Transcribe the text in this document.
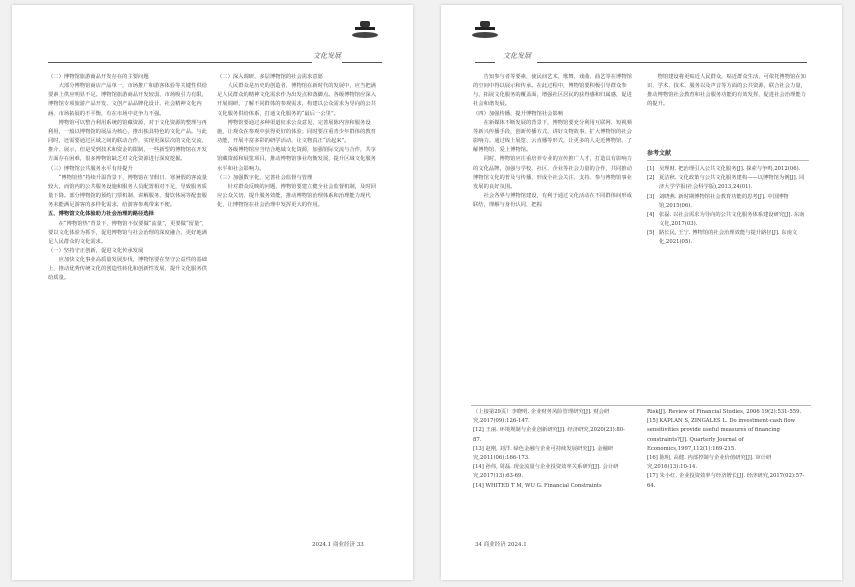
文化发展

（二）博物馆旅游商品开发存在的主要问题

大部分博物馆商店产品单一，市场推广和游客体验等关键性供给要素上供应明显不足。博物馆旅游商品开发较弱，市场吸引力有限，博物馆专项旅游产品开发、文创产品品牌化设计、社会精神文化内涵、市场拓展的不平衡，有在市场中竞争力不强。

博物馆可以整合利用系统的馆藏资源，对于文化资源的整理与再利用，一般以博物馆的展品为核心，推出独具特色的文化产品。与此同时，还需要通过区域之间的联动合作，实现更深层次的文化交流、推介、展示，但是受到技术和资金的限制，一些新型的博物馆在开发方面存在困难，很多博物馆缺乏对文化资源进行深度挖掘。

（三）博物馆公共服务水平有待提升

“博物馆热”持续升温背景下，博物馆在节假日、寒暑假的客流量较大，而馆内的公共服务设施和服务人员配置相对不足，导致服务质量下降。部分博物馆的预约门票机制、讲解服务、餐饮休闲等配套服务未能满足游客的多样化需求，给游客参观带来不便。

五、博物馆文化体验助力社会治理的路径选择

在“博物馆热”背景下，博物馆不仅要做“流量”，更要做“留量”，要以文化体验为抓手，促进博物馆与社会治理的深度融合，更好地满足人民群众的文化需求。

（一）坚持守正创新，促进文化传承发展

应加快文化事业高质量发展步伐，博物馆要在坚守公益性的基础上，推动优秀传统文化的创造性转化和创新性发展，提升文化服务供给质量。

（二）深入调研，多层博物馆的社会需求意愿

人民群众是历史的创造者，博物馆在新时代的发展中，应当把满足人民群众的精神文化需求作为出发点和落脚点。各级博物馆应深入开展调研，了解不同群体的参观需求，构建以公众需求为导向的公共文化服务供给体系，打通文化服务的“最后一公里”。

博物馆要通过多种渠道征求公众意见，完善展陈内容和服务设施，让观众在参观中获得更好的体验；同时要注重青少年群体的教育功能，开展丰富多彩的研学活动，让文物真正“活起来”。

各级博物馆应当结合地域文化资源，加强馆际交流与合作，共享馆藏资源和展览项目，推动博物馆事业均衡发展，提升区域文化服务水平和社会影响力。

（三）加强数字化，完善社会监督与管理

针对群众反映的问题，博物馆要建立健全社会监督机制，及时回应公众关切，提升服务效能，推动博物馆治理体系和治理能力现代化，让博物馆在社会治理中发挥更大的作用。

2024.1 商业经济 33
文化发展

告知参与者等要素，使民间艺术、歌舞、戏曲、曲艺等在博物馆的空间中得以展示和传承。在此过程中，博物馆要积极引导群众参与，拓展文化服务的覆盖面，增强社区居民的获得感和归属感，促进社会和谐发展。

（四）加强传播，提升博物馆社会影响

在新媒体不断发展的背景下，博物馆要充分利用互联网、短视频等新兴传播手段，创新传播方式，讲好文物故事，扩大博物馆的社会影响力。通过线上展览、云直播等形式，让更多的人走近博物馆、了解博物馆、爱上博物馆。

同时，博物馆应注重培养专业的宣传推广人才，打造具有影响力的文化品牌，加强与学校、社区、企业等社会力量的合作，共同推动博物馆文化的普及与传播，形成全社会关注、支持、参与博物馆事业发展的良好氛围。

社会各界与博物馆建设，有利于通过文化活动在不同群体间形成联结，理解与身份认同，把握

物馆建设将更贴近人民群众，贴近群众生活，可依托博物馆在知识、学术、技术、服务以及声音等方面的公共资源，联合社会力量，推动博物馆社会教育和社会服务功能的有效发挥，促进社会治理能力的提升。

参考文献
[1] 吴理财. 把治理引入公共文化服务[J]. 探索与争鸣,2012(06).
[2] 夏洁秋. 文化政策与公共文化服务建构——以博物馆为例[J]. 同济大学学报(社会科学版),2013,24(01).
[3] 刘晓燕. 新时期博物馆社会教育功能的思考[J]. 中国博物馆,2015(06).
[4] 张磊. 以社会需求为导向的公共文化服务体系建设研究[J]. 东南文化,2017(03).
[5] 路长民, 王宁. 博物馆的社会治理效能与提升路径[J]. 东南文化,2021(05).
（上接第29页）李晓明. 企业财务风险管理研究[J]. 财会研究,2017(09):126-147.
[12] 王丽. 环境规制与企业创新研究[J]. 经济研究,2020(23):80-87.
[13] 赵刚, 刘洋. 绿色金融与企业可持续发展研究[J]. 金融研究,2011(06):166-173.
[14] 孙伟, 周磊. 现金流量与企业投资效率关系研究[J]. 会计研究,2017(13):63-69.
[14] WHITED T M, WU G. Financial Constraints
Risk[J]. Review of Financial Studies, 2006 19(2):531-559.
[15] KAPLAN S, ZINGALES L. Do investment-cash flow sensitivities provide useful measures of financing constraints?[J]. Quarterly Journal of Economics,1997,112(1):169-215.
[16] 陈明, 高健. 内部控制与企业价值研究[J]. 审计研究,2016(13):10-14.
[17] 朱小红. 企业投资效率与经济增长[J]. 经济研究,2017(02):57-64.
34 商业经济 2024.1
